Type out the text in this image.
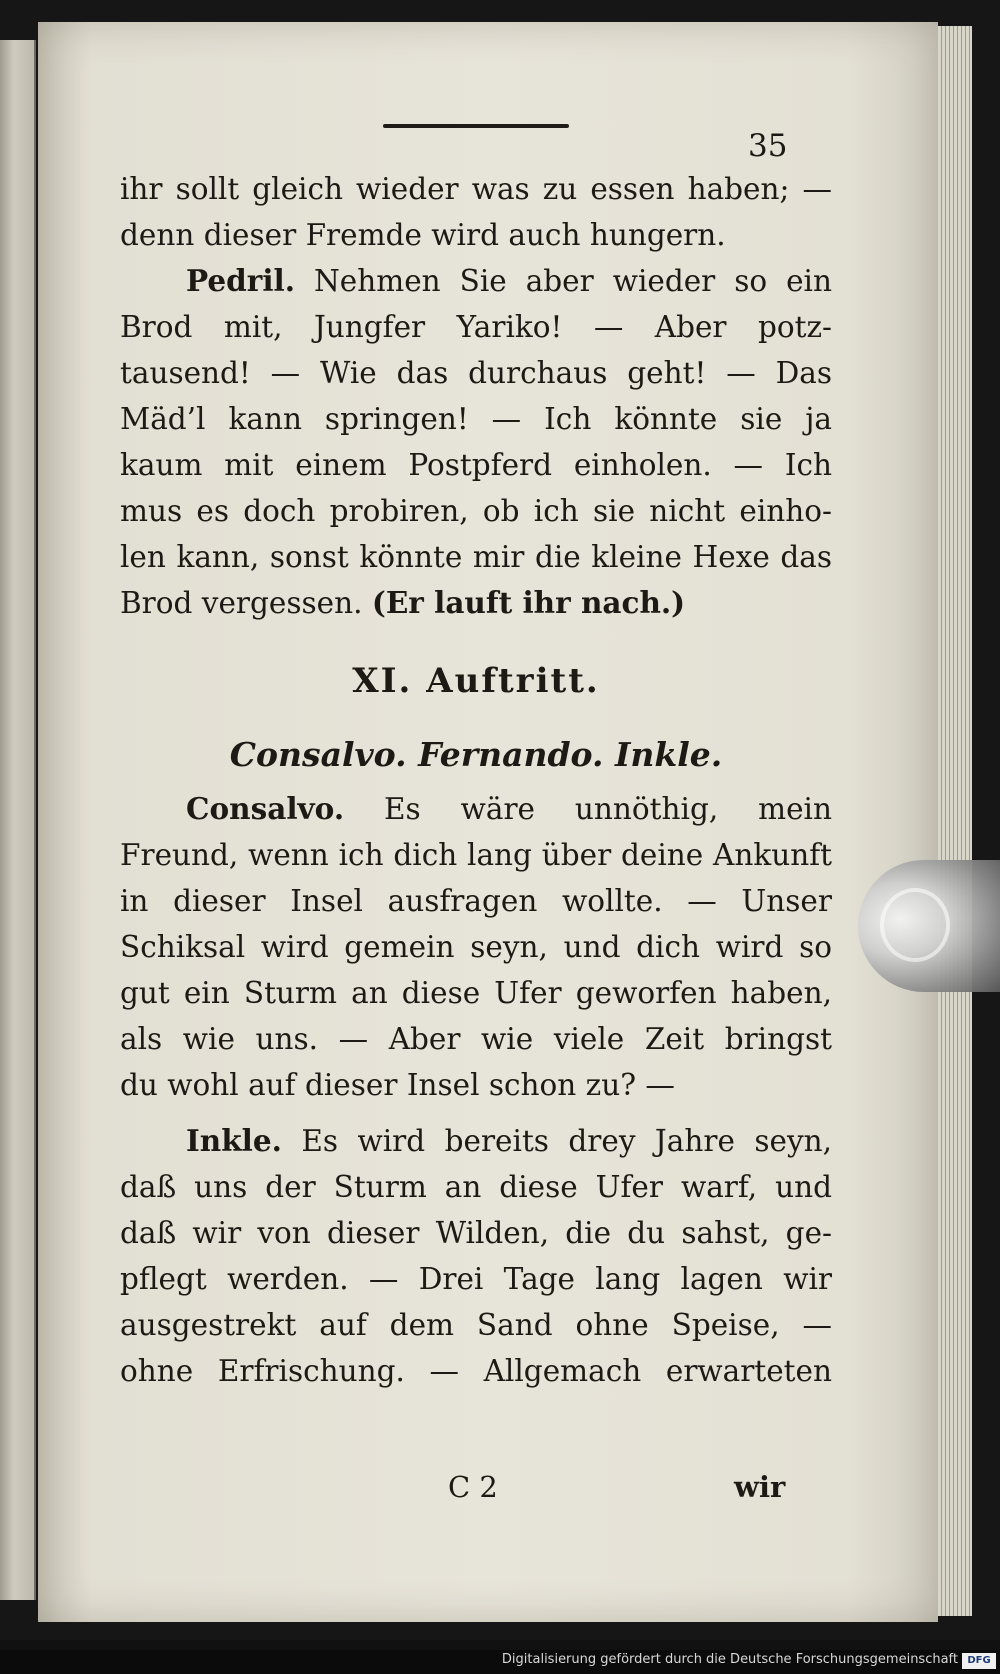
35
ihr sollt gleich wieder was zu essen haben; —
denn dieser Fremde wird auch hungern.
Pedril. Nehmen Sie aber wieder so ein
Brod mit, Jungfer Yariko! — Aber potz-
tausend! — Wie das durchaus geht! — Das
Mäd’l kann springen! — Ich könnte sie ja
kaum mit einem Postpferd einholen. — Ich
mus es doch probiren, ob ich sie nicht einho-
len kann, sonst könnte mir die kleine Hexe das
Brod vergessen. (Er lauft ihr nach.)
XI. Auftritt.
Consalvo. Fernando. Inkle.
Consalvo. Es wäre unnöthig, mein
Freund, wenn ich dich lang über deine Ankunft
in dieser Insel ausfragen wollte. — Unser
Schiksal wird gemein seyn, und dich wird so
gut ein Sturm an diese Ufer geworfen haben,
als wie uns. — Aber wie viele Zeit bringst
du wohl auf dieser Insel schon zu? —
Inkle. Es wird bereits drey Jahre seyn,
daß uns der Sturm an diese Ufer warf, und
daß wir von dieser Wilden, die du sahst, ge-
pflegt werden. — Drei Tage lang lagen wir
ausgestrekt auf dem Sand ohne Speise, —
ohne Erfrischung. — Allgemach erwarteten
C 2	wir
Digitalisierung gefördert durch die Deutsche Forschungsgemeinschaft DFG
